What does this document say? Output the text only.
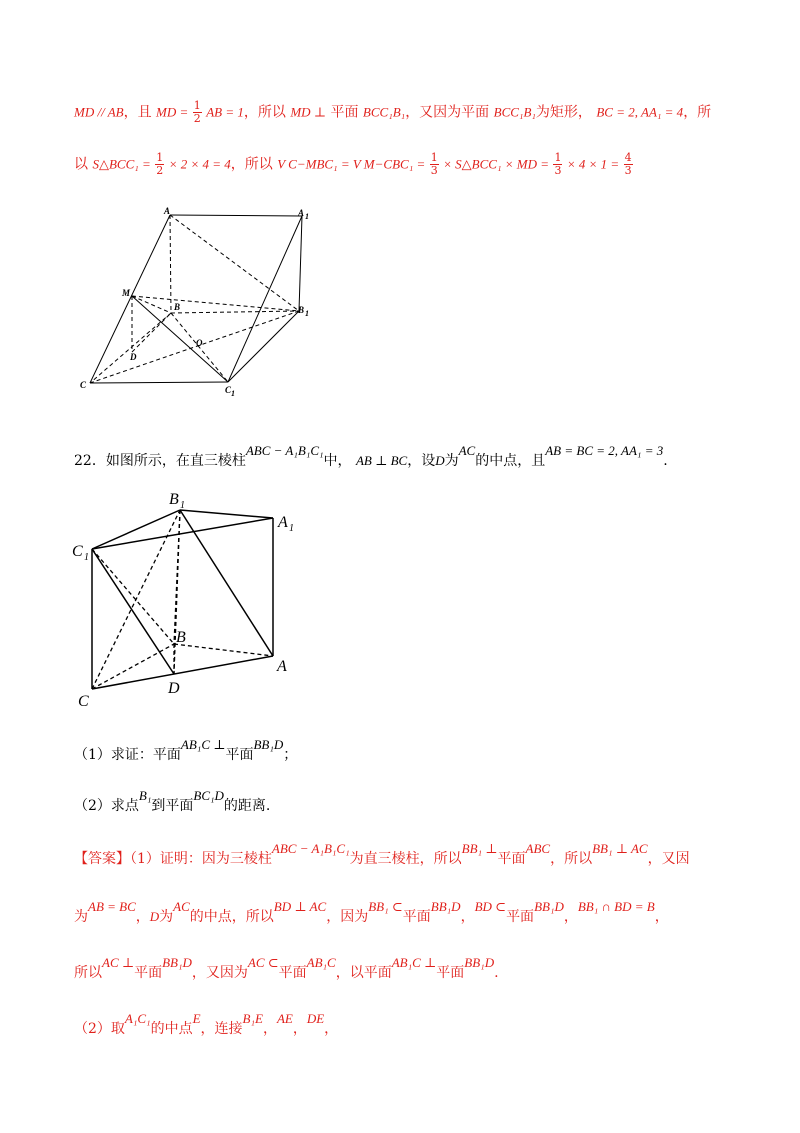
MD // AB，且 MD = $\frac{1}{2}$ AB = 1，所以 MD ⊥ 平面 BCC₁B₁，又因为平面 BCC₁B₁为矩形， BC = 2, AA₁ = 4，所
以 S△BCC₁ = $\frac{1}{2} \times 2 \times 4 = 4$，所以 V C−MBC₁ = V $M-CBC_1 = \frac{1}{3}$ × S△BCC₁ × MD = $\frac{1}{3} \times 4 \times 1 = \frac{4}{3}$
A	A 1
M
B	B 1
D
O
C	C 1
22．如图所示，在直三棱柱ABC − A₁B₁C₁中， AB ⊥ BC，设D为AC的中点，且AB = BC = 2, AA₁ = 3.
B 1
A 1
C 1
B
A
D
C
（1）求证：平面AB₁C ⊥平面BB₁D；
（2）求点B₁到平面BC₁D的距离.
【答案】（1）证明：因为三棱柱ABC − A₁B₁C₁为直三棱柱，所以BB₁ ⊥平面ABC，所以BB₁ ⊥ AC，又因
为AB = BC，D为AC的中点，所以BD ⊥ AC，因为BB₁ ⊂平面BB₁D，BD ⊂平面BB₁D，BB₁ ∩ BD = B，
所以AC ⊥平面BB₁D，又因为AC ⊂平面AB₁C，以平面AB₁C ⊥平面BB₁D.
（2）取A₁C₁的中点E，连接B₁E，AE，DE，
